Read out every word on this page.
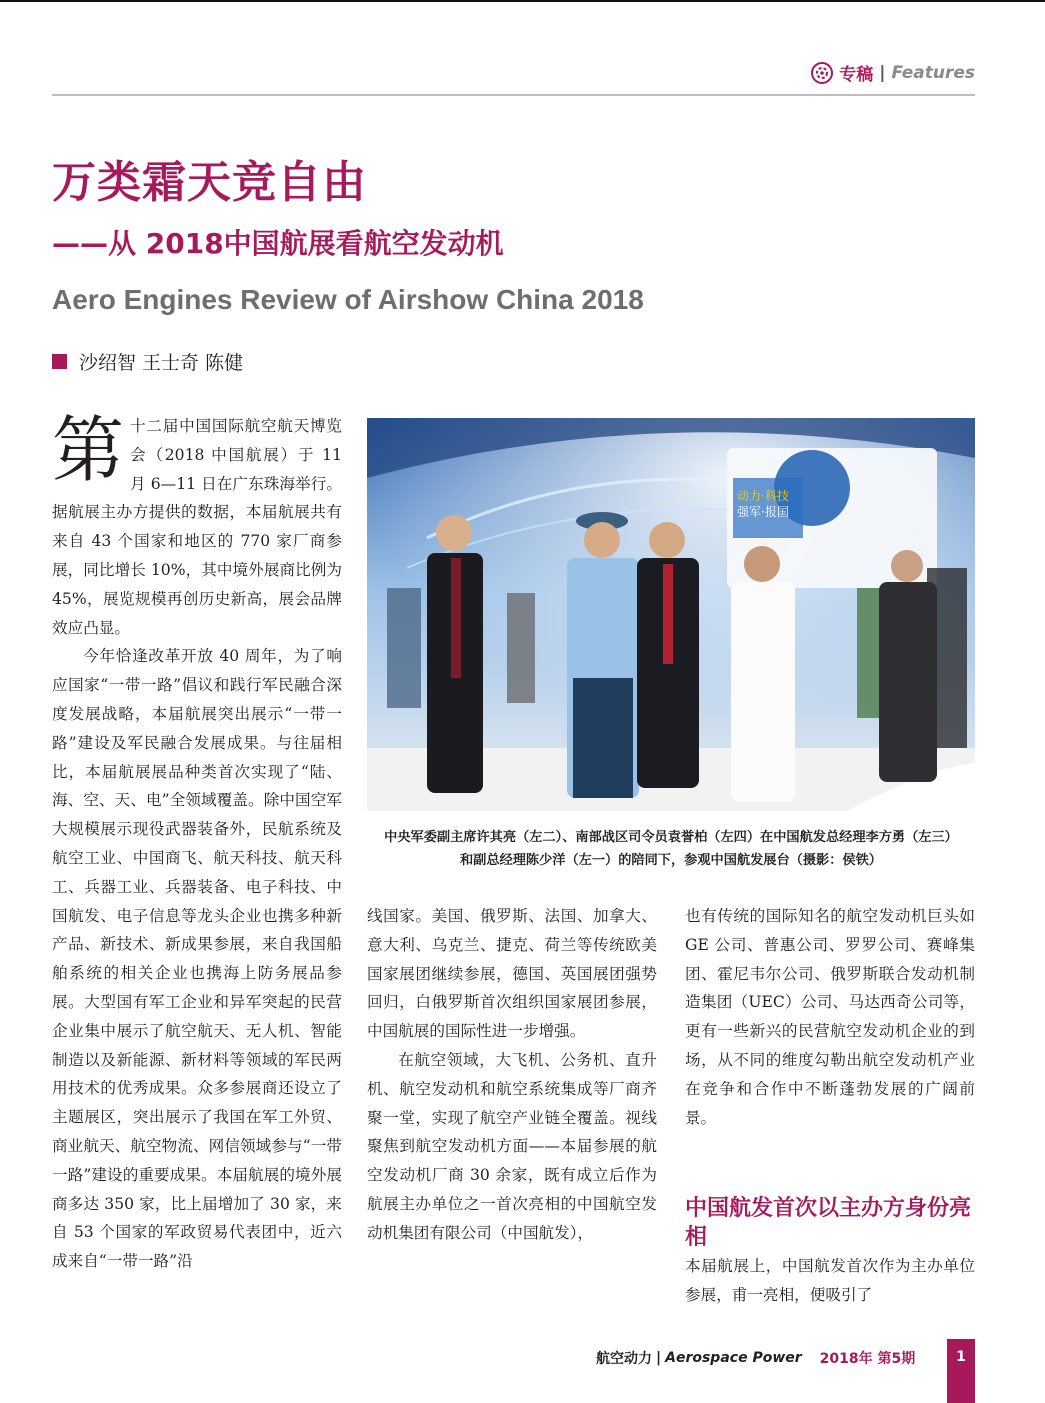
专稿 | Features
万类霜天竞自由
——从 2018中国航展看航空发动机
Aero Engines Review of Airshow China 2018
沙绍智 王士奇 陈健

第十二届中国国际航空航天博览会（2018 中国航展）于 11 月 6—11 日在广东珠海举行。据航展主办方提供的数据，本届航展共有来自 43 个国家和地区的 770 家厂商参展，同比增长 10%，其中境外展商比例为 45%，展览规模再创历史新高，展会品牌效应凸显。

今年恰逢改革开放 40 周年，为了响应国家“一带一路”倡议和践行军民融合深度发展战略，本届航展突出展示“一带一路”建设及军民融合发展成果。与往届相比，本届航展展品种类首次实现了“陆、海、空、天、电”全领域覆盖。除中国空军大规模展示现役武器装备外，民航系统及航空工业、中国商飞、航天科技、航天科工、兵器工业、兵器装备、电子科技、中国航发、电子信息等龙头企业也携多种新产品、新技术、新成果参展，来自我国船舶系统的相关企业也携海上防务展品参展。大型国有军工企业和异军突起的民营企业集中展示了航空航天、无人机、智能制造以及新能源、新材料等领域的军民两用技术的优秀成果。众多参展商还设立了主题展区，突出展示了我国在军工外贸、商业航天、航空物流、网信领域参与“一带一路”建设的重要成果。本届航展的境外展商多达 350 家，比上届增加了 30 家，来自 53 个国家的军政贸易代表团中，近六成来自“一带一路”沿

动力·科技
强军·报国
中央军委副主席许其亮（左二）、南部战区司令员袁誉柏（左四）在中国航发总经理李方勇（左三）
和副总经理陈少洋（左一）的陪同下，参观中国航发展台（摄影：侯铁）

线国家。美国、俄罗斯、法国、加拿大、意大利、乌克兰、捷克、荷兰等传统欧美国家展团继续参展，德国、英国展团强势回归，白俄罗斯首次组织国家展团参展，中国航展的国际性进一步增强。

在航空领域，大飞机、公务机、直升机、航空发动机和航空系统集成等厂商齐聚一堂，实现了航空产业链全覆盖。视线聚焦到航空发动机方面——本届参展的航空发动机厂商 30 余家，既有成立后作为航展主办单位之一首次亮相的中国航空发动机集团有限公司（中国航发），

也有传统的国际知名的航空发动机巨头如 GE 公司、普惠公司、罗罗公司、赛峰集团、霍尼韦尔公司、俄罗斯联合发动机制造集团（UEC）公司、马达西奇公司等，更有一些新兴的民营航空发动机企业的到场，从不同的维度勾勒出航空发动机产业在竞争和合作中不断蓬勃发展的广阔前景。

中国航发首次以主办方身份亮相

本届航展上，中国航发首次作为主办单位参展，甫一亮相，便吸引了

航空动力 | Aerospace Power 2018年 第5期	1
